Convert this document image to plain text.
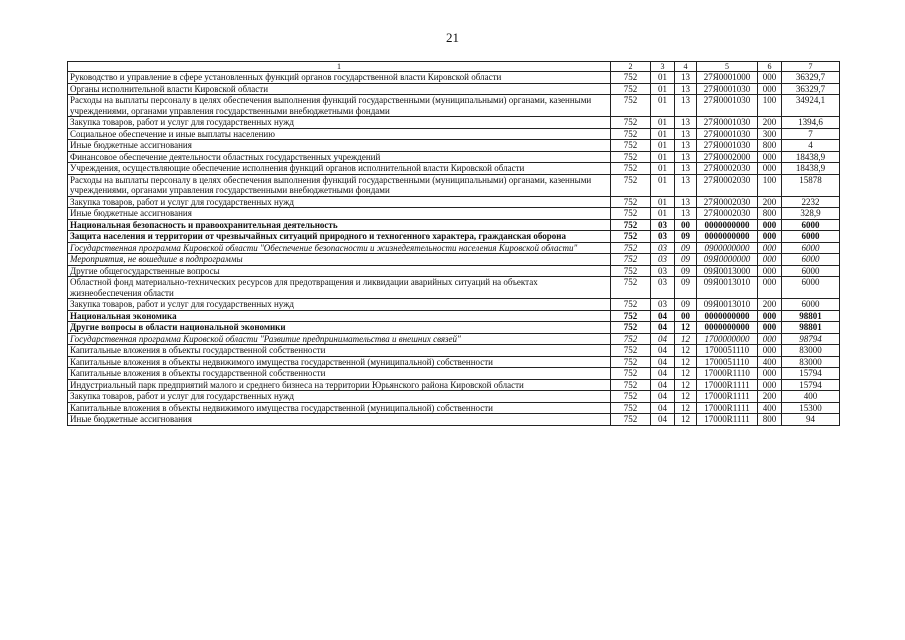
21
1	2	3	4	5	6	7
Руководство и управление в сфере установленных функций органов государственной власти Кировской области	752	01	13	27Я0001000	000	36329,7
Органы исполнительной власти Кировской области	752	01	13	27Я0001030	000	36329,7
Расходы на выплаты персоналу в целях обеспечения выполнения функций государственными (муниципальными) органами, казенными учреждениями, органами управления государственными внебюджетными фондами	752	01	13	27Я0001030	100	34924,1
Закупка товаров, работ и услуг для государственных нужд	752	01	13	27Я0001030	200	1394,6
Социальное обеспечение и иные выплаты населению	752	01	13	27Я0001030	300	7
Иные бюджетные ассигнования	752	01	13	27Я0001030	800	4
Финансовое обеспечение деятельности областных государственных учреждений	752	01	13	27Я0002000	000	18438,9
Учреждения, осуществляющие обеспечение исполнения функций органов исполнительной власти Кировской области	752	01	13	27Я0002030	000	18438,9
Расходы на выплаты персоналу в целях обеспечения выполнения функций государственными (муниципальными) органами, казенными учреждениями, органами управления государственными внебюджетными фондами	752	01	13	27Я0002030	100	15878
Закупка товаров, работ и услуг для государственных нужд	752	01	13	27Я0002030	200	2232
Иные бюджетные ассигнования	752	01	13	27Я0002030	800	328,9
Национальная безопасность и правоохранительная деятельность	752	03	00	0000000000	000	6000
Защита населения и территории от чрезвычайных ситуаций природного и техногенного характера, гражданская оборона	752	03	09	0000000000	000	6000
Государственная программа Кировской области "Обеспечение безопасности и жизнедеятельности населения Кировской области"	752	03	09	0900000000	000	6000
Мероприятия, не вошедшие в подпрограммы	752	03	09	09Я0000000	000	6000
Другие общегосударственные вопросы	752	03	09	09Я0013000	000	6000
Областной фонд материально-технических ресурсов для предотвращения и ликвидации аварийных ситуаций на объектах жизнеобеспечения области	752	03	09	09Я0013010	000	6000
Закупка товаров, работ и услуг для государственных нужд	752	03	09	09Я0013010	200	6000
Национальная экономика	752	04	00	0000000000	000	98801
Другие вопросы в области национальной экономики	752	04	12	0000000000	000	98801
Государственная программа Кировской области "Развитие предпринимательства и внешних связей"	752	04	12	1700000000	000	98794
Капитальные вложения в объекты государственной собственности	752	04	12	1700051110	000	83000
Капитальные вложения в объекты недвижимого имущества государственной (муниципальной) собственности	752	04	12	1700051110	400	83000
Капитальные вложения в объекты государственной собственности	752	04	12	17000R1110	000	15794
Индустриальный парк предприятий малого и среднего бизнеса на территории Юрьянского района Кировской области	752	04	12	17000R1111	000	15794
Закупка товаров, работ и услуг для государственных нужд	752	04	12	17000R1111	200	400
Капитальные вложения в объекты недвижимого имущества государственной (муниципальной) собственности	752	04	12	17000R1111	400	15300
Иные бюджетные ассигнования	752	04	12	17000R1111	800	94
